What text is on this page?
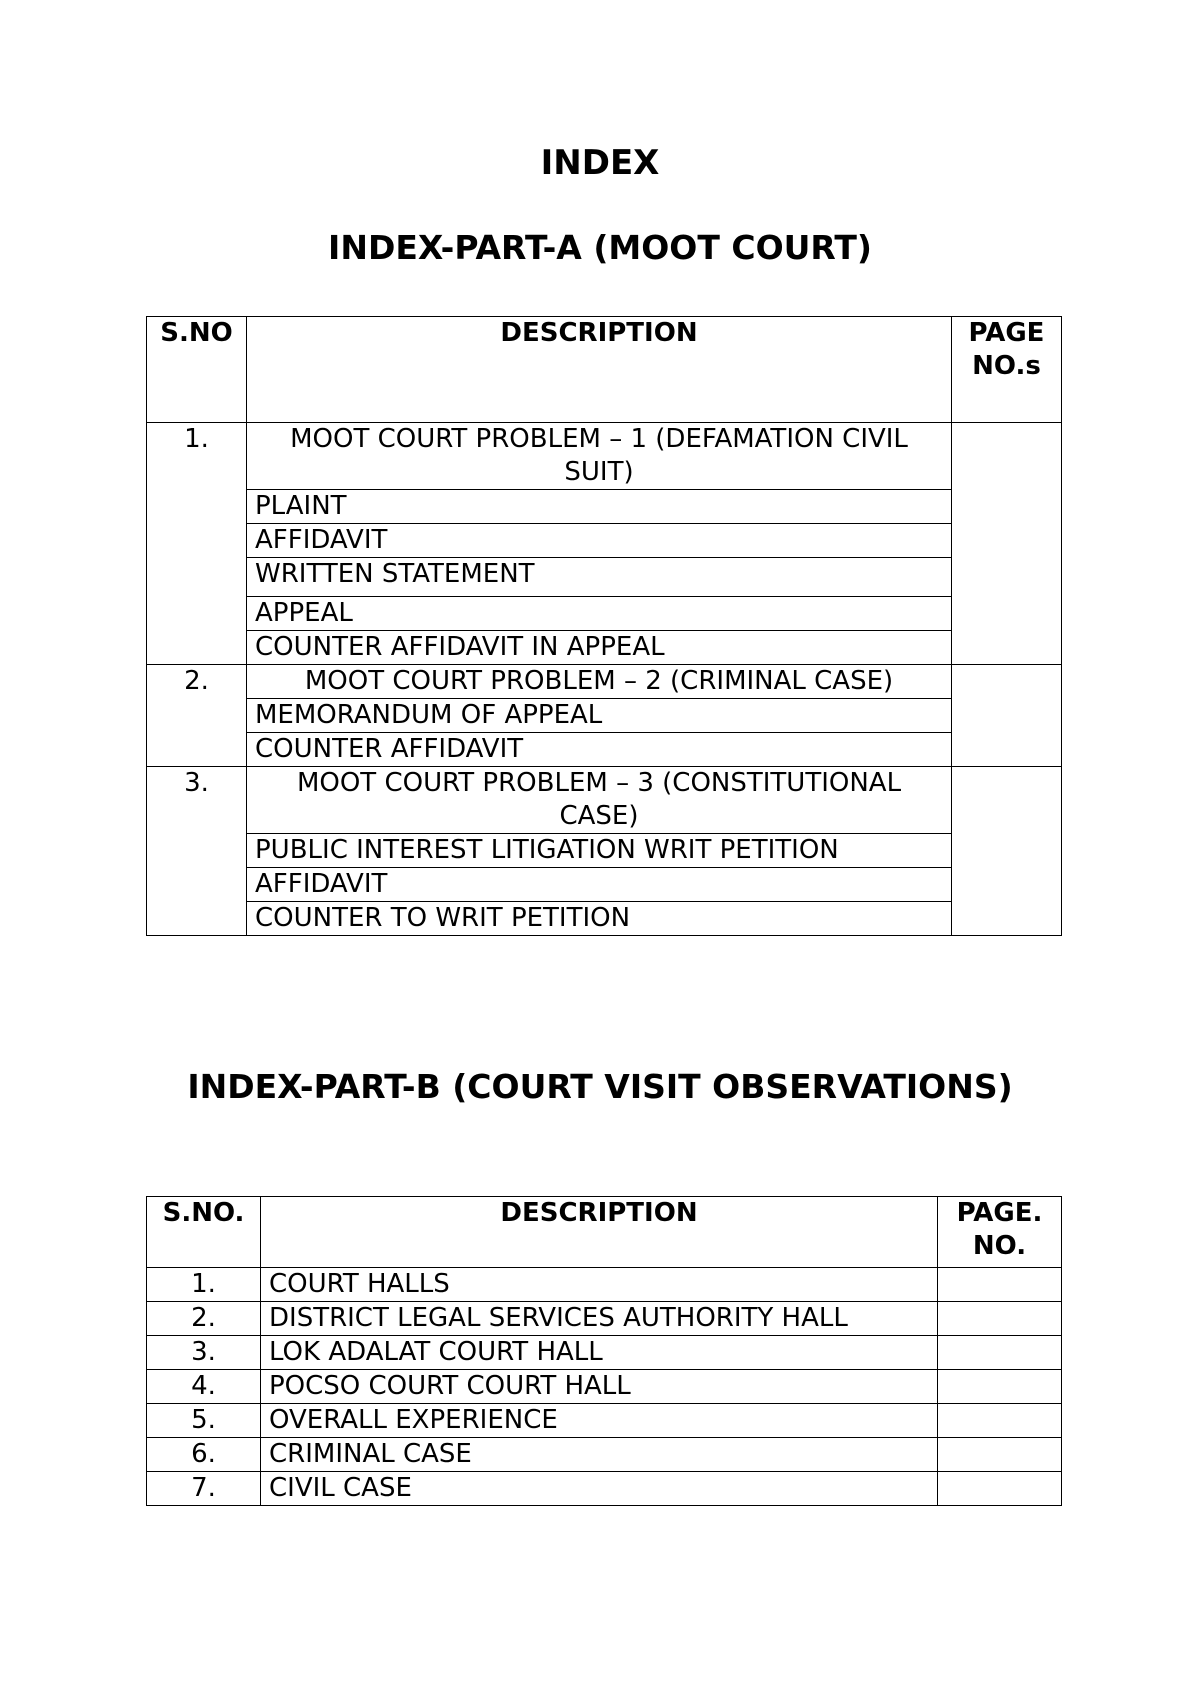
INDEX
INDEX-PART-A (MOOT COURT)
S.NO	DESCRIPTION	PAGE NO.s
1.	MOOT COURT PROBLEM – 1 (DEFAMATION CIVIL SUIT)	
	PLAINT	
	AFFIDAVIT	
	WRITTEN STATEMENT	
	APPEAL	
	COUNTER AFFIDAVIT IN APPEAL	
2.	MOOT COURT PROBLEM – 2 (CRIMINAL CASE)	
	MEMORANDUM OF APPEAL	
	COUNTER AFFIDAVIT	
3.	MOOT COURT PROBLEM – 3 (CONSTITUTIONAL CASE)	
	PUBLIC INTEREST LITIGATION WRIT PETITION	
	AFFIDAVIT	
	COUNTER TO WRIT PETITION	
INDEX-PART-B (COURT VISIT OBSERVATIONS)
S.NO.	DESCRIPTION	PAGE. NO.
1.	COURT HALLS	
2.	DISTRICT LEGAL SERVICES AUTHORITY HALL	
3.	LOK ADALAT COURT HALL	
4.	POCSO COURT COURT HALL	
5.	OVERALL EXPERIENCE	
6.	CRIMINAL CASE	
7.	CIVIL CASE	
